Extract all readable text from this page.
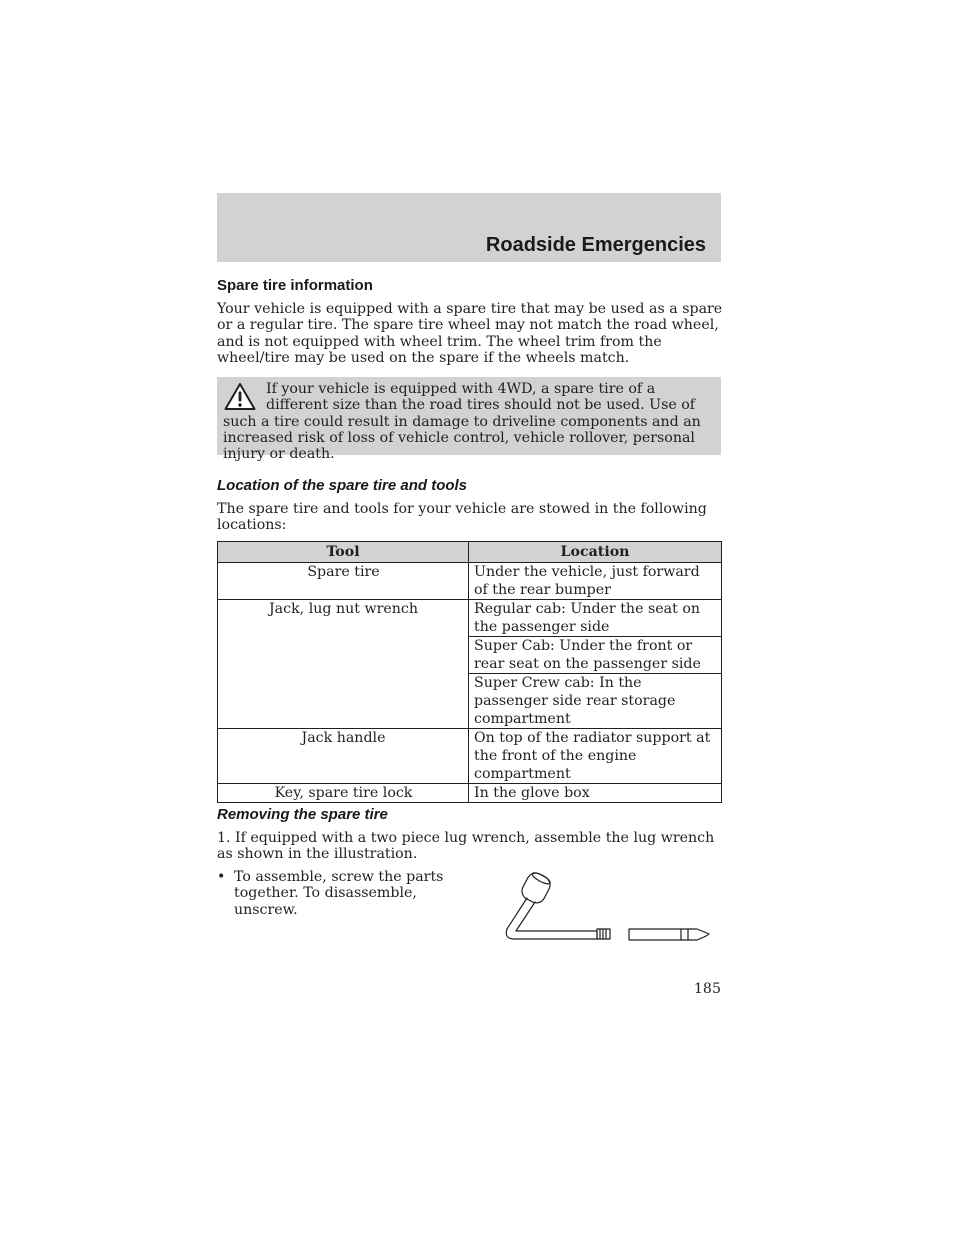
Roadside Emergencies
Spare tire information

Your vehicle is equipped with a spare tire that may be used as a spare or a regular tire. The spare tire wheel may not match the road wheel, and is not equipped with wheel trim. The wheel trim from the wheel/tire may be used on the spare if the wheels match.

If your vehicle is equipped with 4WD, a spare tire of a different size than the road tires should not be used. Use of such a tire could result in damage to driveline components and an increased risk of loss of vehicle control, vehicle rollover, personal injury or death.

Location of the spare tire and tools

The spare tire and tools for your vehicle are stowed in the following locations:

Tool	Location
Spare tire	Under the vehicle, just forward of the rear bumper
Jack, lug nut wrench	Regular cab: Under the seat on the passenger side
	Super Cab: Under the front or rear seat on the passenger side
	Super Crew cab: In the passenger side rear storage compartment
Jack handle	On top of the radiator support at the front of the engine compartment
Key, spare tire lock	In the glove box
Removing the spare tire

1. If equipped with a two piece lug wrench, assemble the lug wrench as shown in the illustration.

• To assemble, screw the parts together. To disassemble, unscrew.

185
